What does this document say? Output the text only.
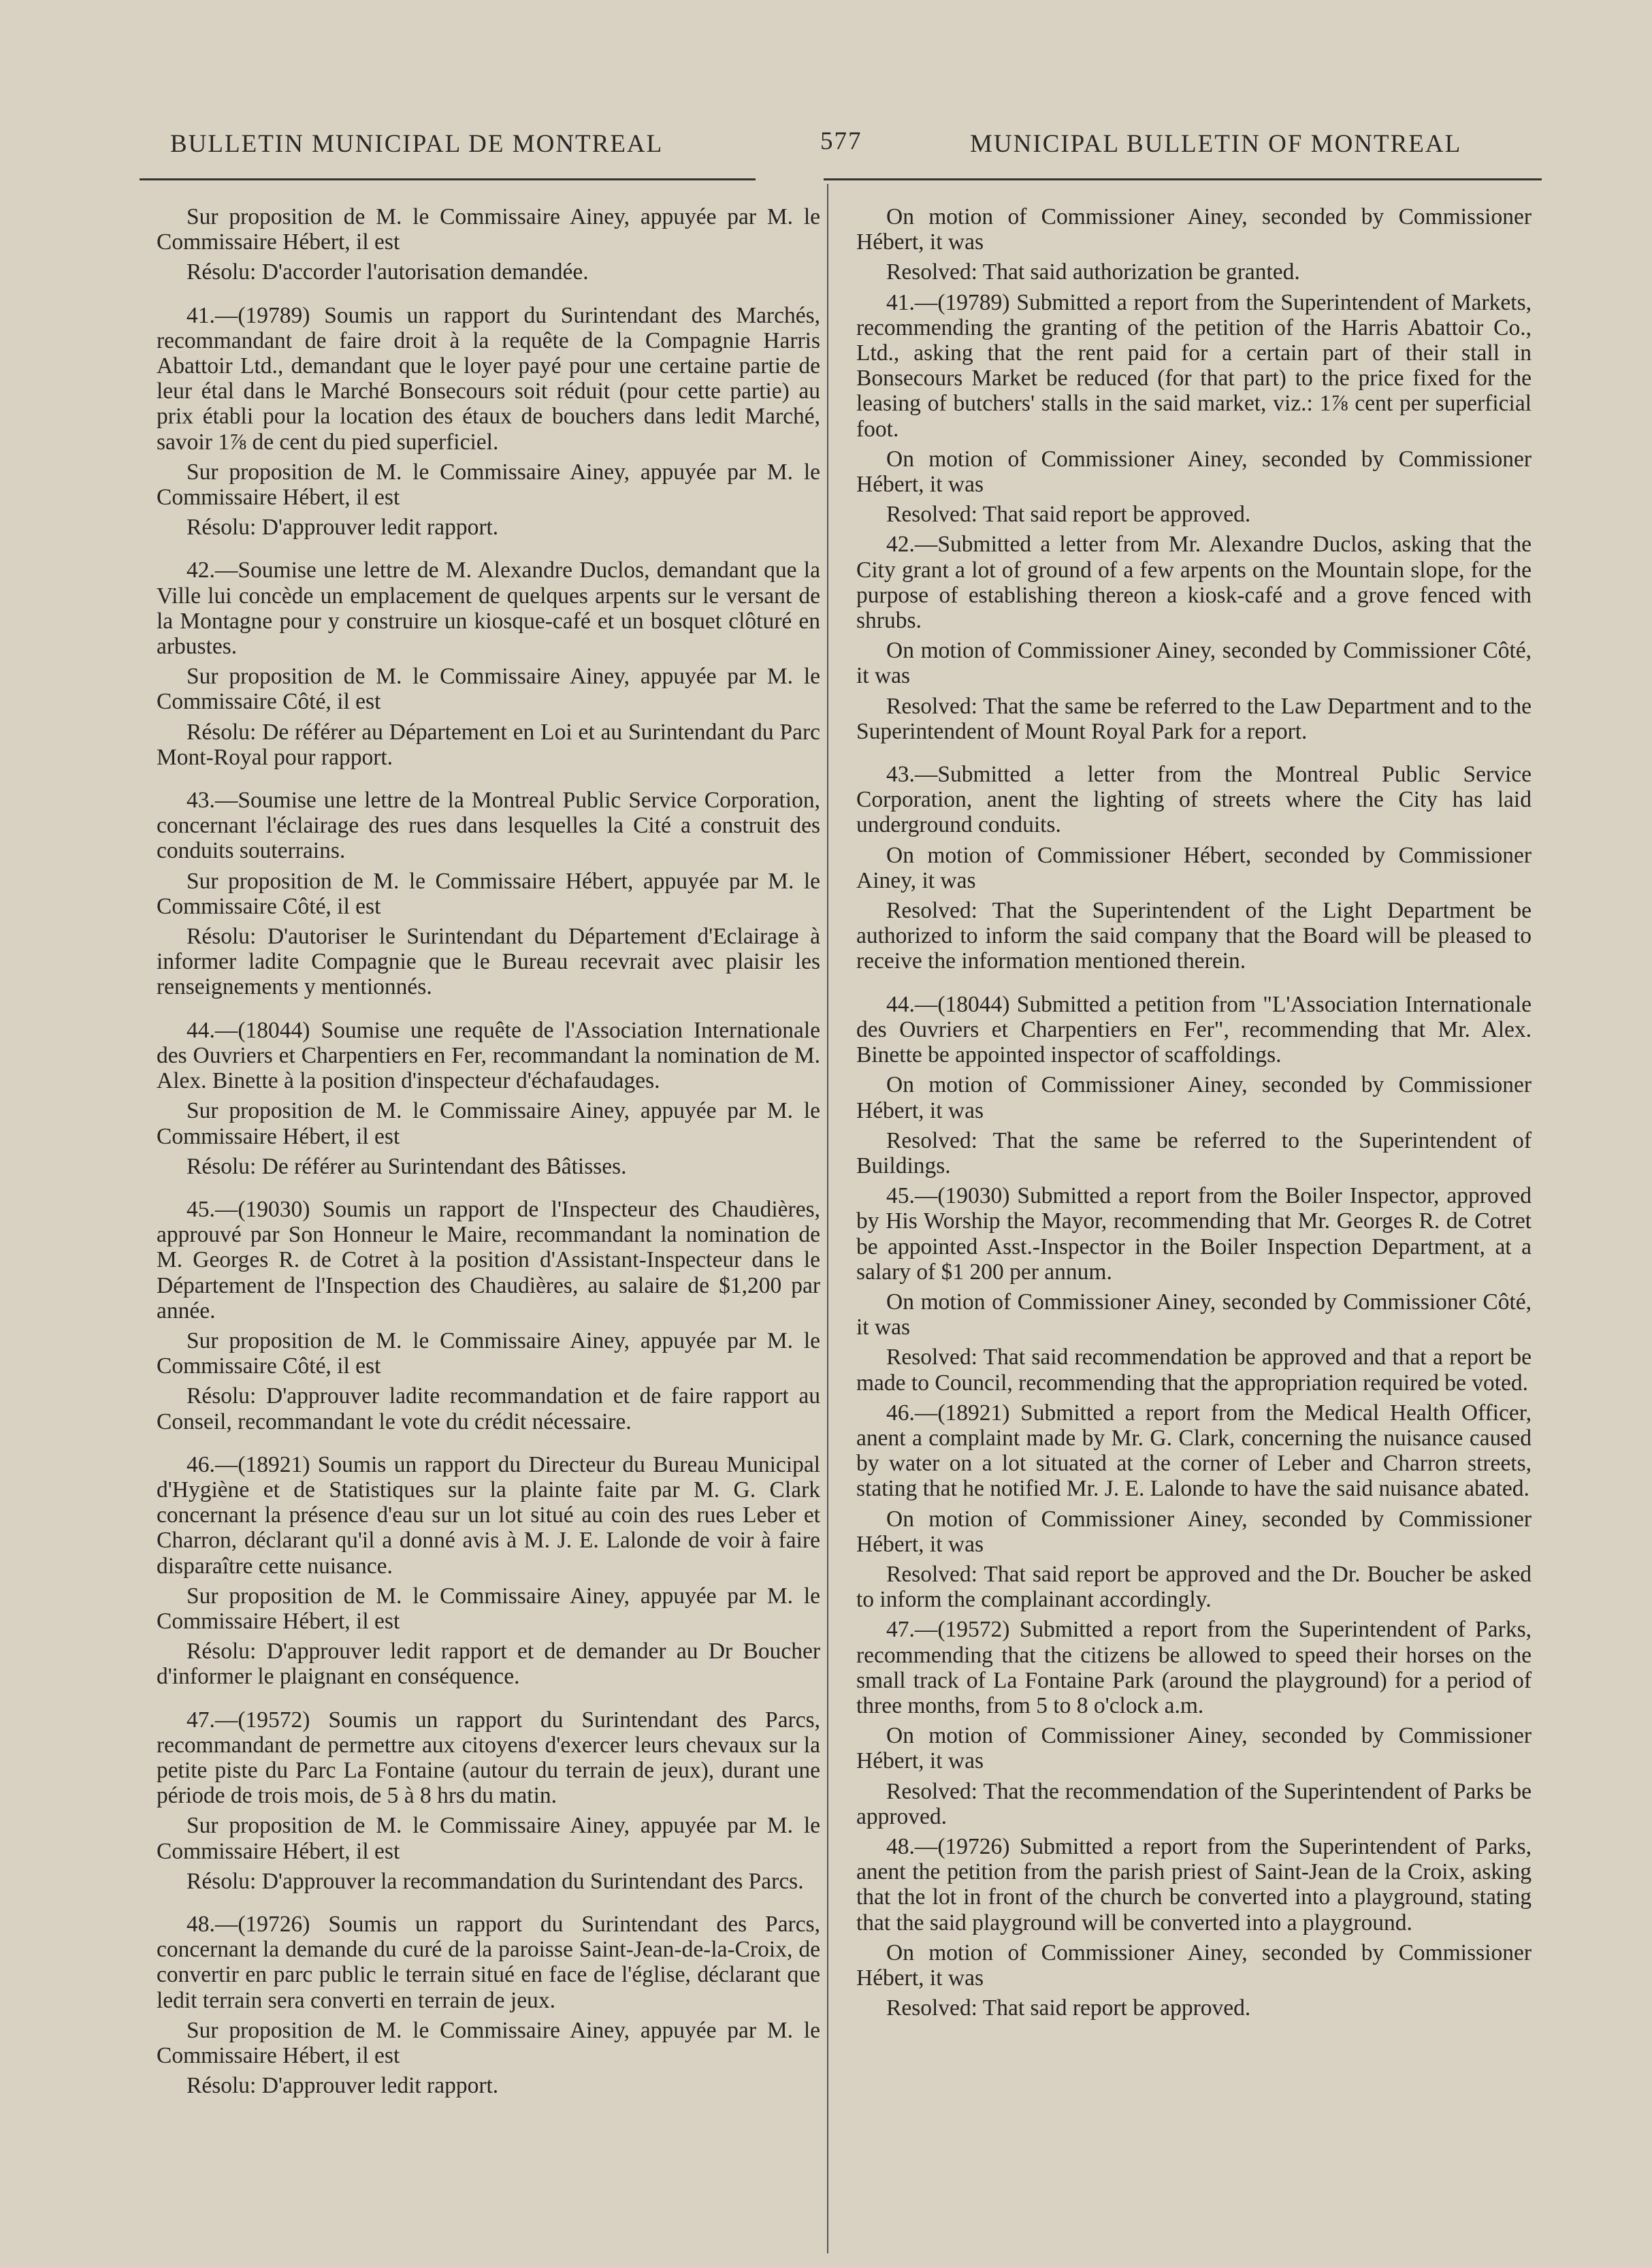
BULLETIN MUNICIPAL DE MONTREAL	577	MUNICIPAL BULLETIN OF MONTREAL

Sur proposition de M. le Commissaire Ainey, appuyée par M. le Commissaire Hébert, il est

Résolu: D'accorder l'autorisation demandée.

41.—(19789) Soumis un rapport du Surintendant des Marchés, recommandant de faire droit à la requête de la Compagnie Harris Abattoir Ltd., demandant que le loyer payé pour une certaine partie de leur étal dans le Marché Bonsecours soit réduit (pour cette partie) au prix établi pour la location des étaux de bouchers dans ledit Marché, savoir 1⅞ de cent du pied superficiel.

Sur proposition de M. le Commissaire Ainey, appuyée par M. le Commissaire Hébert, il est

Résolu: D'approuver ledit rapport.

42.—Soumise une lettre de M. Alexandre Duclos, demandant que la Ville lui concède un emplacement de quelques arpents sur le versant de la Montagne pour y construire un kiosque-café et un bosquet clôturé en arbustes.

Sur proposition de M. le Commissaire Ainey, appuyée par M. le Commissaire Côté, il est

Résolu: De référer au Département en Loi et au Surintendant du Parc Mont-Royal pour rapport.

43.—Soumise une lettre de la Montreal Public Service Corporation, concernant l'éclairage des rues dans lesquelles la Cité a construit des conduits souterrains.

Sur proposition de M. le Commissaire Hébert, appuyée par M. le Commissaire Côté, il est

Résolu: D'autoriser le Surintendant du Département d'Eclairage à informer ladite Compagnie que le Bureau recevrait avec plaisir les renseignements y mentionnés.

44.—(18044) Soumise une requête de l'Association Internationale des Ouvriers et Charpentiers en Fer, recommandant la nomination de M. Alex. Binette à la position d'inspecteur d'échafaudages.

Sur proposition de M. le Commissaire Ainey, appuyée par M. le Commissaire Hébert, il est

Résolu: De référer au Surintendant des Bâtisses.

45.—(19030) Soumis un rapport de l'Inspecteur des Chaudières, approuvé par Son Honneur le Maire, recommandant la nomination de M. Georges R. de Cotret à la position d'Assistant-Inspecteur dans le Département de l'Inspection des Chaudières, au salaire de $1,200 par année.

Sur proposition de M. le Commissaire Ainey, appuyée par M. le Commissaire Côté, il est

Résolu: D'approuver ladite recommandation et de faire rapport au Conseil, recommandant le vote du crédit nécessaire.

46.—(18921) Soumis un rapport du Directeur du Bureau Municipal d'Hygiène et de Statistiques sur la plainte faite par M. G. Clark concernant la présence d'eau sur un lot situé au coin des rues Leber et Charron, déclarant qu'il a donné avis à M. J. E. Lalonde de voir à faire disparaître cette nuisance.

Sur proposition de M. le Commissaire Ainey, appuyée par M. le Commissaire Hébert, il est

Résolu: D'approuver ledit rapport et de demander au Dr Boucher d'informer le plaignant en conséquence.

47.—(19572) Soumis un rapport du Surintendant des Parcs, recommandant de permettre aux citoyens d'exercer leurs chevaux sur la petite piste du Parc La Fontaine (autour du terrain de jeux), durant une période de trois mois, de 5 à 8 hrs du matin.

Sur proposition de M. le Commissaire Ainey, appuyée par M. le Commissaire Hébert, il est

Résolu: D'approuver la recommandation du Surintendant des Parcs.

48.—(19726) Soumis un rapport du Surintendant des Parcs, concernant la demande du curé de la paroisse Saint-Jean-de-la-Croix, de convertir en parc public le terrain situé en face de l'église, déclarant que ledit terrain sera converti en terrain de jeux.

Sur proposition de M. le Commissaire Ainey, appuyée par M. le Commissaire Hébert, il est

Résolu: D'approuver ledit rapport.

On motion of Commissioner Ainey, seconded by Commissioner Hébert, it was

Resolved: That said authorization be granted.

41.—(19789) Submitted a report from the Superintendent of Markets, recommending the granting of the petition of the Harris Abattoir Co., Ltd., asking that the rent paid for a certain part of their stall in Bonsecours Market be reduced (for that part) to the price fixed for the leasing of butchers' stalls in the said market, viz.: 1⅞ cent per superficial foot.

On motion of Commissioner Ainey, seconded by Commissioner Hébert, it was

Resolved: That said report be approved.

42.—Submitted a letter from Mr. Alexandre Duclos, asking that the City grant a lot of ground of a few arpents on the Mountain slope, for the purpose of establishing thereon a kiosk-café and a grove fenced with shrubs.

On motion of Commissioner Ainey, seconded by Commissioner Côté, it was

Resolved: That the same be referred to the Law Department and to the Superintendent of Mount Royal Park for a report.

43.—Submitted a letter from the Montreal Public Service Corporation, anent the lighting of streets where the City has laid underground conduits.

On motion of Commissioner Hébert, seconded by Commissioner Ainey, it was

Resolved: That the Superintendent of the Light Department be authorized to inform the said company that the Board will be pleased to receive the information mentioned therein.

44.—(18044) Submitted a petition from "L'Association Internationale des Ouvriers et Charpentiers en Fer", recommending that Mr. Alex. Binette be appointed inspector of scaffoldings.

On motion of Commissioner Ainey, seconded by Commissioner Hébert, it was

Resolved: That the same be referred to the Superintendent of Buildings.

45.—(19030) Submitted a report from the Boiler Inspector, approved by His Worship the Mayor, recommending that Mr. Georges R. de Cotret be appointed Asst.-Inspector in the Boiler Inspection Department, at a salary of $1 200 per annum.

On motion of Commissioner Ainey, seconded by Commissioner Côté, it was

Resolved: That said recommendation be approved and that a report be made to Council, recommending that the appropriation required be voted.

46.—(18921) Submitted a report from the Medical Health Officer, anent a complaint made by Mr. G. Clark, concerning the nuisance caused by water on a lot situated at the corner of Leber and Charron streets, stating that he notified Mr. J. E. Lalonde to have the said nuisance abated.

On motion of Commissioner Ainey, seconded by Commissioner Hébert, it was

Resolved: That said report be approved and the Dr. Boucher be asked to inform the complainant accordingly.

47.—(19572) Submitted a report from the Superintendent of Parks, recommending that the citizens be allowed to speed their horses on the small track of La Fontaine Park (around the playground) for a period of three months, from 5 to 8 o'clock a.m.

On motion of Commissioner Ainey, seconded by Commissioner Hébert, it was

Resolved: That the recommendation of the Superintendent of Parks be approved.

48.—(19726) Submitted a report from the Superintendent of Parks, anent the petition from the parish priest of Saint-Jean de la Croix, asking that the lot in front of the church be converted into a playground, stating that the said playground will be converted into a playground.

On motion of Commissioner Ainey, seconded by Commissioner Hébert, it was

Resolved: That said report be approved.
